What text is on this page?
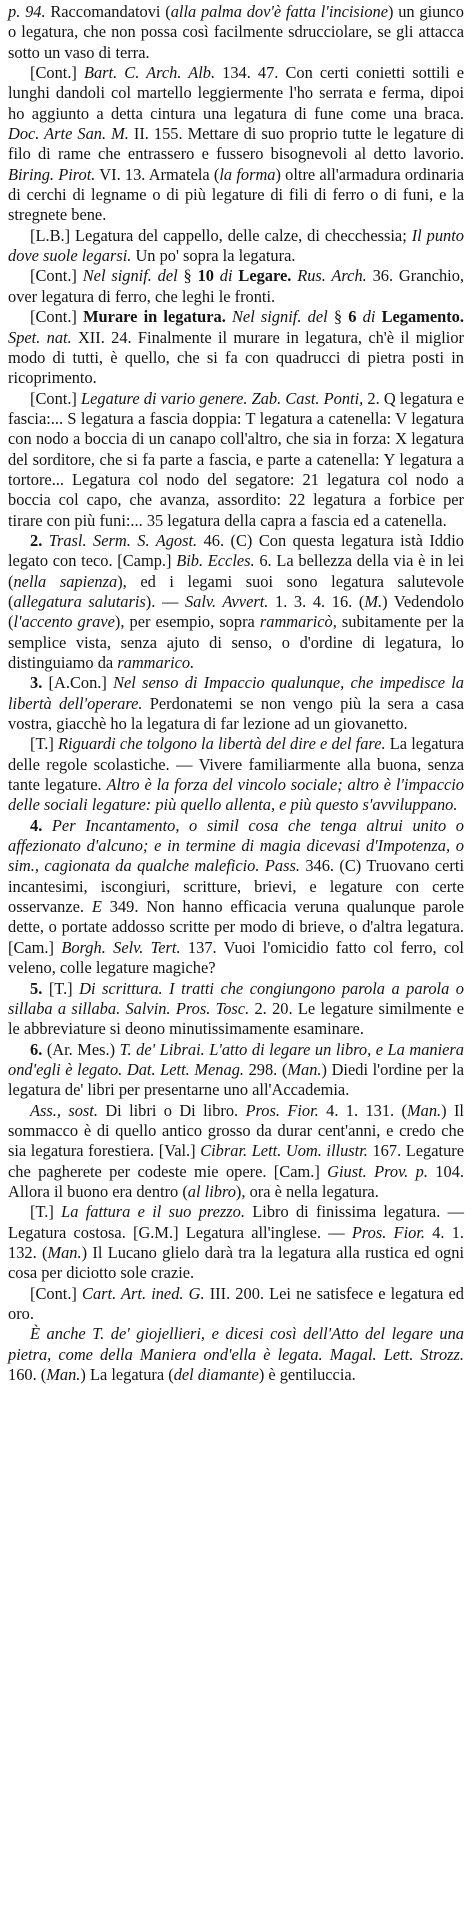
p. 94. Raccomandatovi (alla palma dov'è fatta l'incisione) un giunco o legatura, che non possa così facilmente sdrucciolare, se gli attacca sotto un vaso di terra.

[Cont.] Bart. C. Arch. Alb. 134. 47. Con certi conietti sottili e lunghi dandoli col martello leggiermente l'ho serrata e ferma, dipoi ho aggiunto a detta cintura una legatura di fune come una braca. Doc. Arte San. M. II. 155. Mettare di suo proprio tutte le legature di filo di rame che entrassero e fussero bisognevoli al detto lavorio. Biring. Pirot. VI. 13. Armatela (la forma) oltre all'armadura ordinaria di cerchi di legname o di più legature di fili di ferro o di funi, e la stregnete bene.

[L.B.] Legatura del cappello, delle calze, di checchessia; Il punto dove suole legarsi. Un po' sopra la legatura.

[Cont.] Nel signif. del § 10 di Legare. Rus. Arch. 36. Granchio, over legatura di ferro, che leghi le fronti.

[Cont.] Murare in legatura. Nel signif. del § 6 di Legamento. Spet. nat. XII. 24. Finalmente il murare in legatura, ch'è il miglior modo di tutti, è quello, che si fa con quadrucci di pietra posti in ricoprimento.

[Cont.] Legature di vario genere. Zab. Cast. Ponti, 2. Q legatura e fascia:... S legatura a fascia doppia: T legatura a catenella: V legatura con nodo a boccia di un canapo coll'altro, che sia in forza: X legatura del sorditore, che si fa parte a fascia, e parte a catenella: Y legatura a tortore... Legatura col nodo del segatore: 21 legatura col nodo a boccia col capo, che avanza, assordito: 22 legatura a forbice per tirare con più funi:... 35 legatura della capra a fascia ed a catenella.

2. Trasl. Serm. S. Agost. 46. (C) Con questa legatura istà Iddio legato con teco. [Camp.] Bib. Eccles. 6. La bellezza della via è in lei (nella sapienza), ed i legami suoi sono legatura salutevole (allegatura salutaris). — Salv. Avvert. 1. 3. 4. 16. (M.) Vedendolo (l'accento grave), per esempio, sopra rammaricò, subitamente per la semplice vista, senza ajuto di senso, o d'ordine di legatura, lo distinguiamo da rammarico.

3. [A.Con.] Nel senso di Impaccio qualunque, che impedisce la libertà dell'operare. Perdonatemi se non vengo più la sera a casa vostra, giacchè ho la legatura di far lezione ad un giovanetto.

[T.] Riguardi che tolgono la libertà del dire e del fare. La legatura delle regole scolastiche. — Vivere familiarmente alla buona, senza tante legature. Altro è la forza del vincolo sociale; altro è l'impaccio delle sociali legature: più quello allenta, e più questo s'avviluppano.

4. Per Incantamento, o simil cosa che tenga altrui unito o affezionato d'alcuno; e in termine di magia dicevasi d'Impotenza, o sim., cagionata da qualche maleficio. Pass. 346. (C) Truovano certi incantesimi, iscongiuri, scritture, brievi, e legature con certe osservanze. E 349. Non hanno efficacia veruna qualunque parole dette, o portate addosso scritte per modo di brieve, o d'altra legatura. [Cam.] Borgh. Selv. Tert. 137. Vuoi l'omicidio fatto col ferro, col veleno, colle legature magiche?

5. [T.] Di scrittura. I tratti che congiungono parola a parola o sillaba a sillaba. Salvin. Pros. Tosc. 2. 20. Le legature similmente e le abbreviature si deono minutissimamente esaminare.

6. (Ar. Mes.) T. de' Librai. L'atto di legare un libro, e La maniera ond'egli è legato. Dat. Lett. Menag. 298. (Man.) Diedi l'ordine per la legatura de' libri per presentarne uno all'Accademia.

Ass., sost. Di libri o Di libro. Pros. Fior. 4. 1. 131. (Man.) Il sommacco è di quello antico grosso da durar cent'anni, e credo che sia legatura forestiera. [Val.] Cibrar. Lett. Uom. illustr. 167. Legature che pagherete per codeste mie opere. [Cam.] Giust. Prov. p. 104. Allora il buono era dentro (al libro), ora è nella legatura.

[T.] La fattura e il suo prezzo. Libro di finissima legatura. — Legatura costosa. [G.M.] Legatura all'inglese. — Pros. Fior. 4. 1. 132. (Man.) Il Lucano glielo darà tra la legatura alla rustica ed ogni cosa per diciotto sole crazie.

[Cont.] Cart. Art. ined. G. III. 200. Lei ne satisfece e legatura ed oro.

È anche T. de' giojellieri, e dicesi così dell'Atto del legare una pietra, come della Maniera ond'ella è legata. Magal. Lett. Strozz. 160. (Man.) La legatura (del diamante) è gentiluccia.
